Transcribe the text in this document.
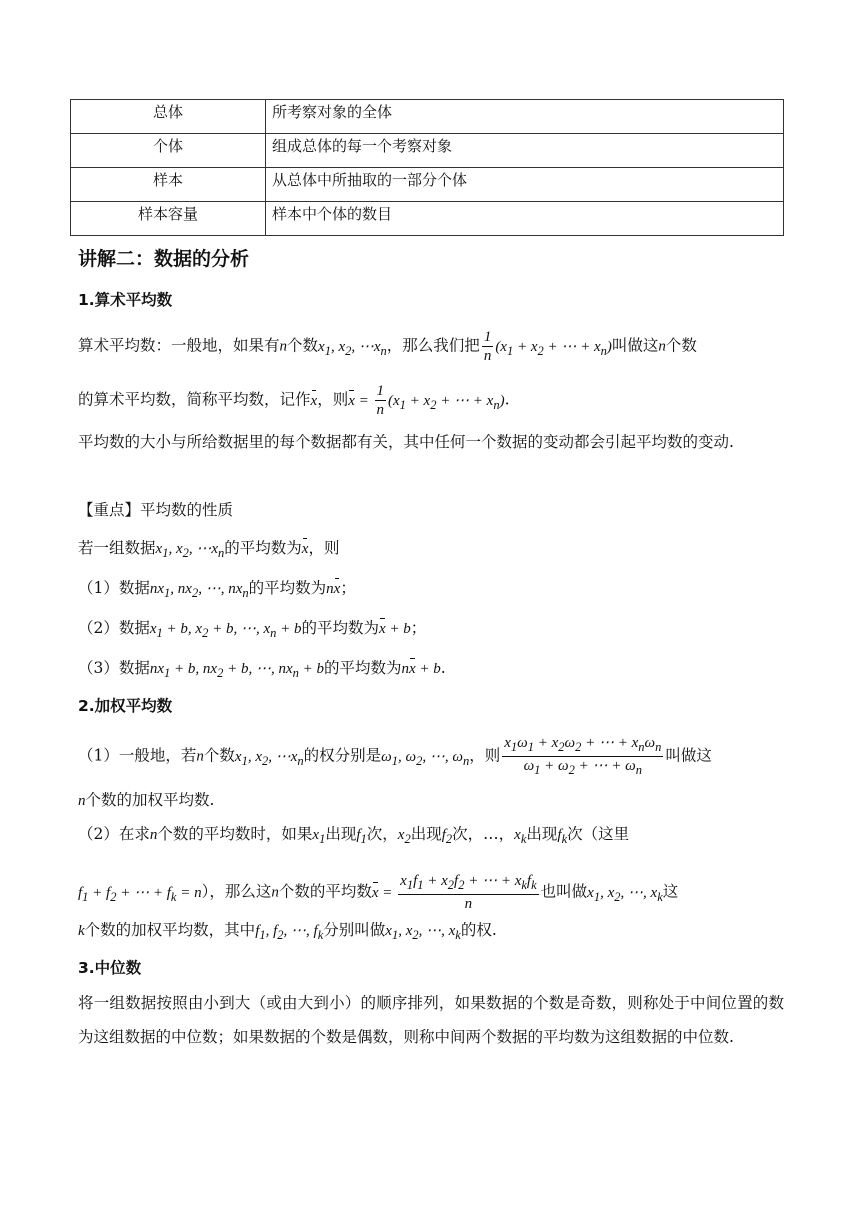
总体	所考察对象的全体
个体	组成总体的每一个考察对象
样本	从总体中所抽取的一部分个体
样本容量	样本中个体的数目
讲解二：数据的分析
1.算术平均数
算术平均数：一般地，如果有n个数$x_1$, $x_2$, $\cdots x_n$，那么我们把 $\frac{1}{n} (x_1 + x_2$ + ⋯ + $x_n$)叫做这n个数
的算术平均数，简称平均数，记作x，则$x = \frac{1}{n} (x_1 + x_2$ + ⋯ + $x_n$).
平均数的大小与所给数据里的每个数据都有关，其中任何一个数据的变动都会引起平均数的变动.
【重点】平均数的性质
若一组数据$x_1$, $x_2$, $\cdots x_n$的平均数为x，则
（1）数据$nx_1$, $nx_2$, ⋯, $nx_n$的平均数为nx；
（2）数据$x_1 + b$, $x_2 + b$, ⋯, $x_n + b$的平均数为x + b；
（3）数据$nx_1 + b$, $nx_2 + b$, ⋯, $nx_n + b$的平均数为nx + b.
2.加权平均数
（1）一般地，若n个数$x_1$, $x_2$, $\cdots x_n$的权分别是$\omega_1$, $\omega_2$, ⋯, $\omega_n$，则 $\frac{x_1\omega_1 + x_2\omega_2 + \cdots + x_n\omega_n}{\omega_1 + \omega_2 + \cdots + \omega_n}$ 叫做这
n个数的加权平均数.
（2）在求n个数的平均数时，如果$x_1$出现$f_1$次，$x_2$出现$f_2$次，…，$x_k$出现$f_k$次（这里
$f_1 + f_2$ + ⋯ + $f_k = n$），那么这n个数的平均数$x = \frac{x_1f_1 + x_2f_2 + \cdots + x_kf_k}{n}$ 也叫做$x_1$, $x_2$, ⋯, $x_k$这
k个数的加权平均数，其中$f_1$, $f_2$, ⋯, $f_k$分别叫做$x_1$, $x_2$, ⋯, $x_k$的权.
3.中位数
将一组数据按照由小到大（或由大到小）的顺序排列，如果数据的个数是奇数，则称处于中间位置的数为这组数据的中位数；如果数据的个数是偶数，则称中间两个数据的平均数为这组数据的中位数.
